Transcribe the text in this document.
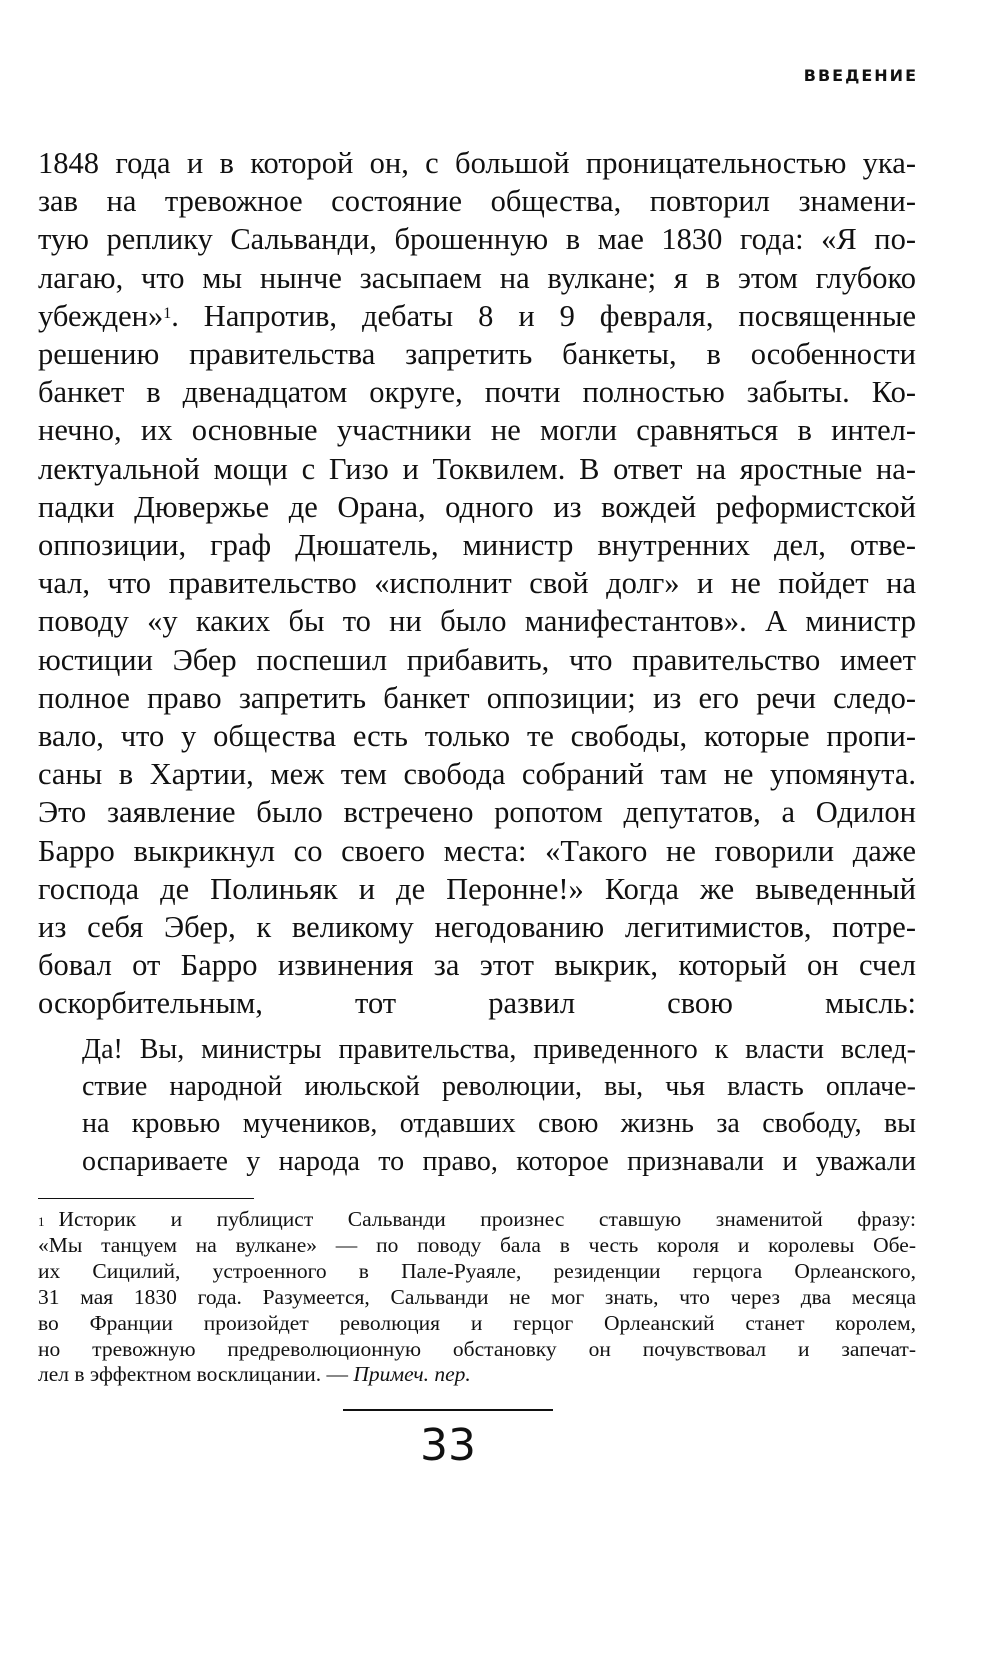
ВВЕДЕНИЕ
1848 года и в которой он, с большой проницательностью ука-
зав на тревожное состояние общества, повторил знамени-
тую реплику Сальванди, брошенную в мае 1830 года: «Я по-
лагаю, что мы нынче засыпаем на вулкане; я в этом глубоко
убежден»$^1$. Напротив, дебаты 8 и 9 февраля, посвященные
решению правительства запретить банкеты, в особенности
банкет в двенадцатом округе, почти полностью забыты. Ко-
нечно, их основные участники не могли сравняться в интел-
лектуальной мощи с Гизо и Токвилем. В ответ на яростные на-
падки Дювержье де Орана, одного из вождей реформистской
оппозиции, граф Дюшатель, министр внутренних дел, отве-
чал, что правительство «исполнит свой долг» и не пойдет на
поводу «у каких бы то ни было манифестантов». А министр
юстиции Эбер поспешил прибавить, что правительство имеет
полное право запретить банкет оппозиции; из его речи следо-
вало, что у общества есть только те свободы, которые пропи-
саны в Хартии, меж тем свобода собраний там не упомянута.
Это заявление было встречено ропотом депутатов, а Одилон
Барро выкрикнул со своего места: «Такого не говорили даже
господа де Полиньяк и де Перонне!» Когда же выведенный
из себя Эбер, к великому негодованию легитимистов, потре-
бовал от Барро извинения за этот выкрик, который он счел
оскорбительным, тот развил свою мысль:
Да! Вы, министры правительства, приведенного к власти вслед-
ствие народной июльской революции, вы, чья власть оплаче-
на кровью мучеников, отдавших свою жизнь за свободу, вы
оспариваете у народа то право, которое признавали и уважали
$^1$ Историк и публицист Сальванди произнес ставшую знаменитой фразу:
«Мы танцуем на вулкане» — по поводу бала в честь короля и королевы Обе-
их Сицилий, устроенного в Пале-Руаяле, резиденции герцога Орлеанского,
31 мая 1830 года. Разумеется, Сальванди не мог знать, что через два месяца
во Франции произойдет революция и герцог Орлеанский станет королем,
но тревожную предреволюционную обстановку он почувствовал и запечат-
лел в эффектном восклицании. — Примеч. пер.
33
